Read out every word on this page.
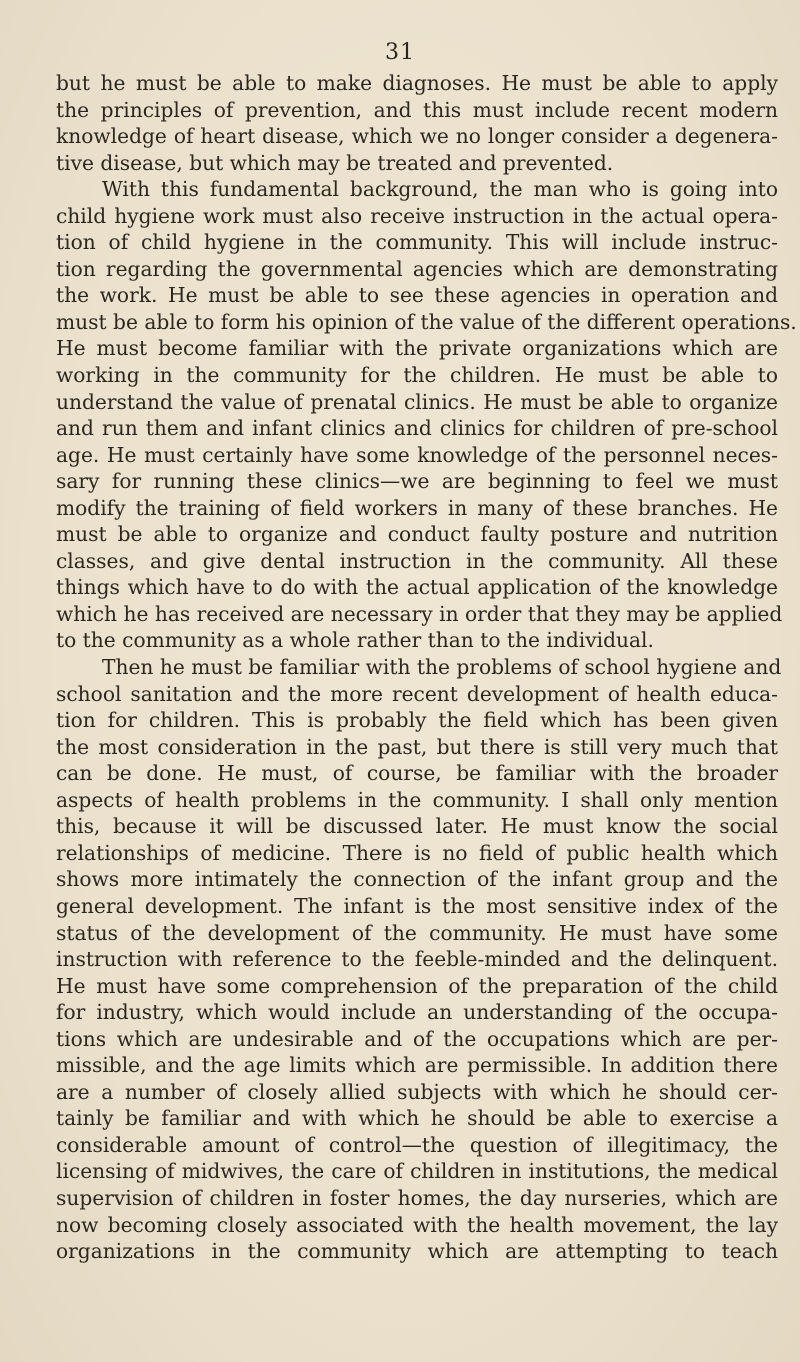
31
but he must be able to make diagnoses. He must be able to apply
the principles of prevention, and this must include recent modern
knowledge of heart disease, which we no longer consider a degenera-
tive disease, but which may be treated and prevented.
With this fundamental background, the man who is going into
child hygiene work must also receive instruction in the actual opera-
tion of child hygiene in the community. This will include instruc-
tion regarding the governmental agencies which are demonstrating
the work. He must be able to see these agencies in operation and
must be able to form his opinion of the value of the different operations.
He must become familiar with the private organizations which are
working in the community for the children. He must be able to
understand the value of prenatal clinics. He must be able to organize
and run them and infant clinics and clinics for children of pre-school
age. He must certainly have some knowledge of the personnel neces-
sary for running these clinics—we are beginning to feel we must
modify the training of field workers in many of these branches. He
must be able to organize and conduct faulty posture and nutrition
classes, and give dental instruction in the community. All these
things which have to do with the actual application of the knowledge
which he has received are necessary in order that they may be applied
to the community as a whole rather than to the individual.
Then he must be familiar with the problems of school hygiene and
school sanitation and the more recent development of health educa-
tion for children. This is probably the field which has been given
the most consideration in the past, but there is still very much that
can be done. He must, of course, be familiar with the broader
aspects of health problems in the community. I shall only mention
this, because it will be discussed later. He must know the social
relationships of medicine. There is no field of public health which
shows more intimately the connection of the infant group and the
general development. The infant is the most sensitive index of the
status of the development of the community. He must have some
instruction with reference to the feeble-minded and the delinquent.
He must have some comprehension of the preparation of the child
for industry, which would include an understanding of the occupa-
tions which are undesirable and of the occupations which are per-
missible, and the age limits which are permissible. In addition there
are a number of closely allied subjects with which he should cer-
tainly be familiar and with which he should be able to exercise a
considerable amount of control—the question of illegitimacy, the
licensing of midwives, the care of children in institutions, the medical
supervision of children in foster homes, the day nurseries, which are
now becoming closely associated with the health movement, the lay
organizations in the community which are attempting to teach
